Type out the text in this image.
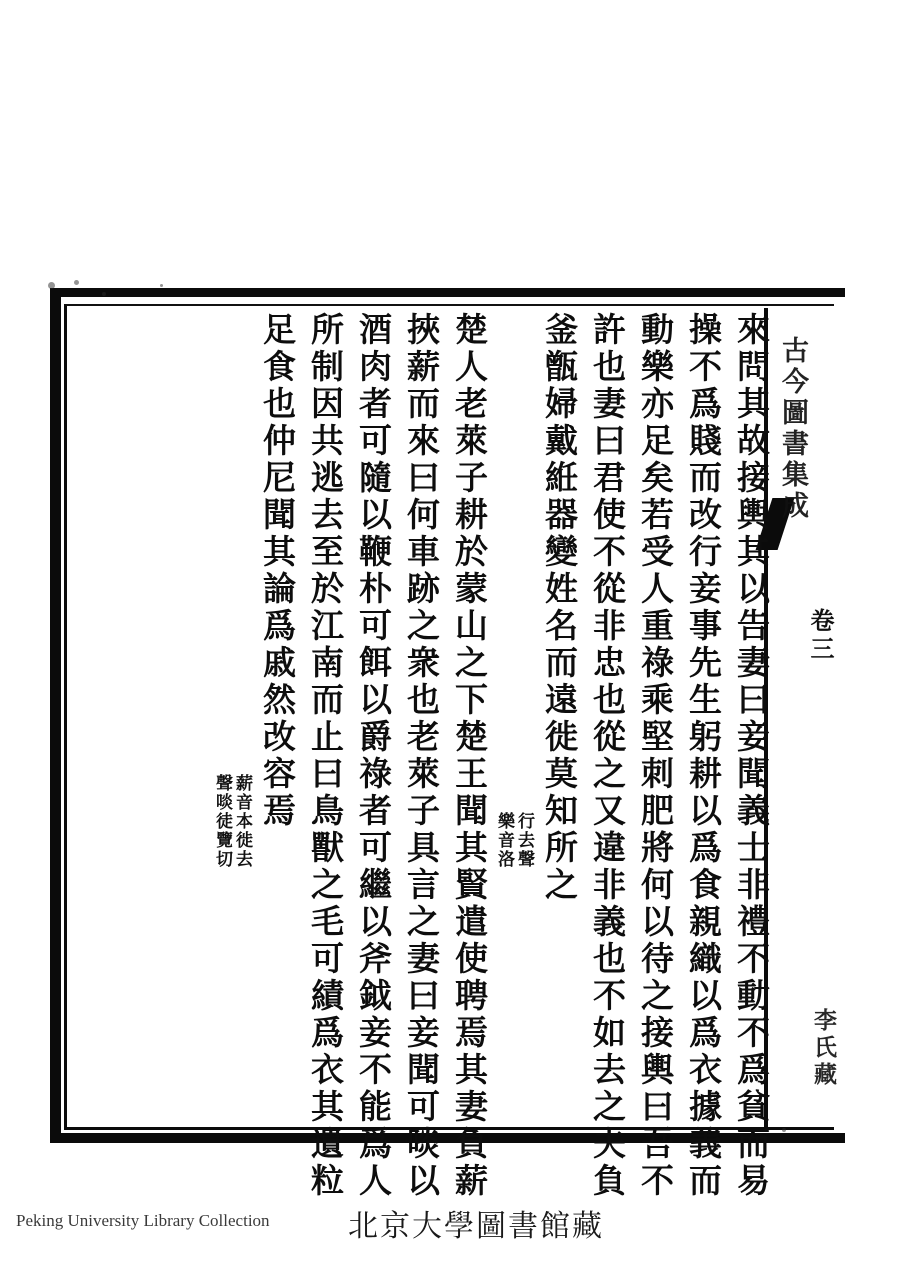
古今圖書集成
卷三
李氏藏
來問其故接輿其以告妻曰妾聞義士非禮不動不爲貧而易
操不爲賤而改行妾事先生躬耕以爲食親織以爲衣據義而
動樂亦足矣若受人重祿乘堅刺肥將何以待之接輿曰吾不
許也妻曰君使不從非忠也從之又違非義也不如去之夫負
釜甑婦戴絍器變姓名而遠徙莫知所之
行去聲
樂音洛
楚人老萊子耕於蒙山之下楚王聞其賢遣使聘焉其妻負薪
挾薪而來曰何車跡之衆也老萊子具言之妻曰妾聞可啖以
酒肉者可隨以鞭朴可餌以爵祿者可繼以斧鉞妾不能爲人
所制因共逃去至於江南而止曰鳥獸之毛可績爲衣其遺粒
足食也仲尼聞其論爲戚然改容焉
薪音本徙去
聲啖徒覽切
Peking University Library Collection	北京大學圖書館藏
